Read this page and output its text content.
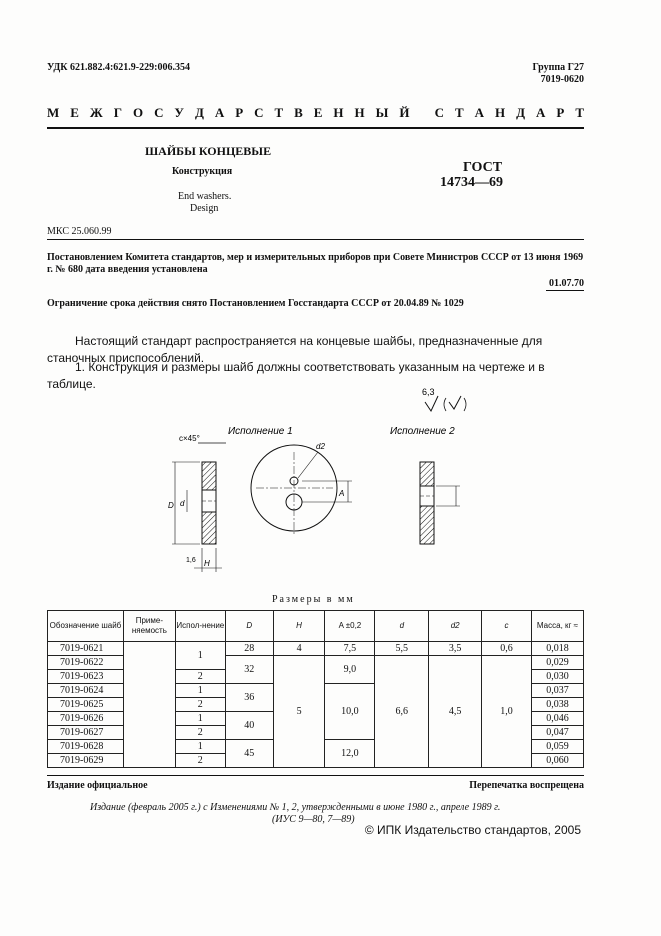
УДК 621.882.4:621.9-229:006.354	Группа Г27
7019-0620
М Е Ж Г О С У Д А Р С Т В Е Н Н Ы Й
С Т А Н Д А Р Т
ШАЙБЫ КОНЦЕВЫЕ
Конструкция
End washers.
Design
ГОСТ
14734—69
МКС 25.060.99
Постановлением Комитета стандартов, мер и измерительных приборов при Совете Министров СССР от 13 июня 1969 г. № 680 дата введения установлена
01.07.70
Ограничение срока действия снято Постановлением Госстандарта СССР от 20.04.89 № 1029
Настоящий стандарт распространяется на концевые шайбы, предназначенные для станочных приспособлений.
1. Конструкция и размеры шайб должны соответствовать указанным на чертеже и в таблице.
6,3
Исполнение 1	Исполнение 2
c×45°
D d
H
1,6
d2
A
Размеры в мм
Обозначение шайб	Приме-няемость	Испол-нение	D	H	A ±0,2	d	d2	c	Масса, кг ≈
7019-0621		1	28	4	7,5	5,5	3,5	0,6	0,018
7019-0622			32	5	9,0	6,6	4,5	1,0	0,029
7019-0623		2							0,030
7019-0624		1	36		10,0				0,037
7019-0625		2							0,038
7019-0626		1	40						0,046
7019-0627		2							0,047
7019-0628		1	45		12,0				0,059
7019-0629		2							0,060
Издание официальное	Перепечатка воспрещена
Издание (февраль 2005 г.) с Изменениями № 1, 2, утвержденными в июне 1980 г., апреле 1989 г.
(ИУС 9—80, 7—89)
© ИПК Издательство стандартов, 2005
